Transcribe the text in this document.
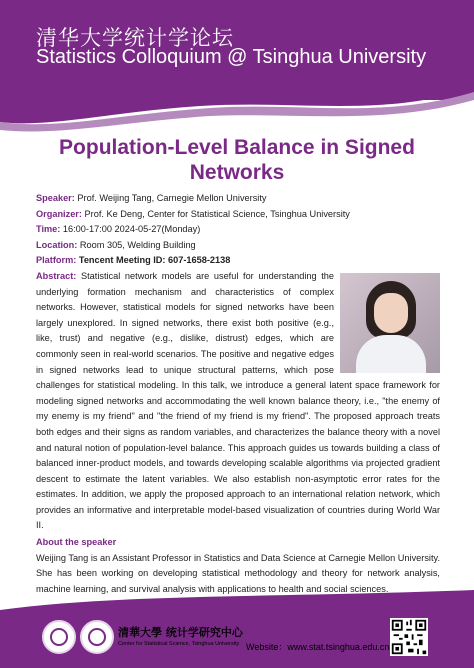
清华大学统计学论坛
Statistics Colloquium @ Tsinghua University
Population-Level Balance in Signed Networks
Speaker: Prof. Weijing Tang, Carnegie Mellon University
Organizer: Prof. Ke Deng, Center for Statistical Science, Tsinghua University
Time: 16:00-17:00 2024-05-27(Monday)
Location: Room 305, Welding Building
Platform: Tencent Meeting ID: 607-1658-2138
Abstract: Statistical network models are useful for understanding the underlying formation mechanism and characteristics of complex networks. However, statistical models for signed networks have been largely unexplored. In signed networks, there exist both positive (e.g., like, trust) and negative (e.g., dislike, distrust) edges, which are commonly seen in real-world scenarios. The positive and negative edges in signed networks lead to unique structural patterns, which pose challenges for statistical modeling. In this talk, we introduce a general latent space framework for modeling signed networks and accommodating the well known balance theory, i.e., "the enemy of my enemy is my friend" and "the friend of my friend is my friend". The proposed approach treats both edges and their signs as random variables, and characterizes the balance theory with a novel and natural notion of population-level balance. This approach guides us towards building a class of balanced inner-product models, and towards developing scalable algorithms via projected gradient descent to estimate the latent variables. We also establish non-asymptotic error rates for the estimates. In addition, we apply the proposed approach to an international relation network, which provides an informative and interpretable model-based visualization of countries during World War II.
About the speaker
Weijing Tang is an Assistant Professor in Statistics and Data Science at Carnegie Mellon University. She has been working on developing statistical methodology and theory for network analysis, machine learning, and survival analysis with applications to health and social sciences.
清華大學 统计学研究中心
Center for Statistical Science, Tsinghua University Website：www.stat.tsinghua.edu.cn
